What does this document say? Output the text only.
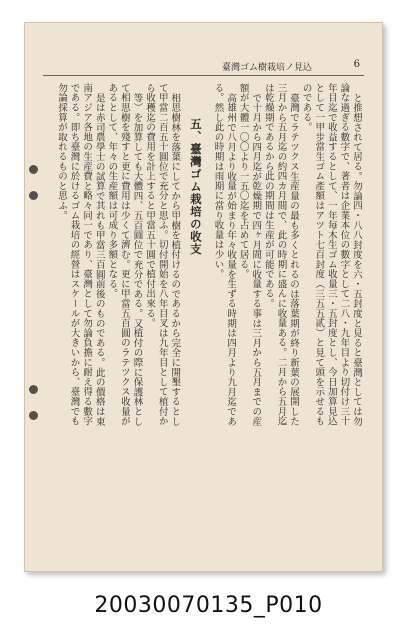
臺灣ゴム樹栽培ノ見込	6

と推想されて居る。勿論四・八八封度を六・五封度と見ると臺灣としては勿論な過ぎる數字で、著者は企業本位の數字として二八・九年目より切付け三十年目迄で收益するとして、一年毎木生ゴム收量三・五封度とし、今日加算見込として一甲步當生ゴム產額はアツト七百封度（三五五貳）と見て頭を示せるものである。

臺灣でラテツクス生産量の最も多くとれるのは落葉期が終り新葉の展開した三月から五月迄の約四カ月間で、此の時期に盛んに收量ある。二月から五月迄は乾燥期であるから此の期間は生産が可能である。

で十月から四月迄が乾燥期で四ヶ月間に收量する事は三月から五月までの産額が大體一〇〇より一五〇迄を占めて居る。

高雄州で八月より收量が始まり年々收量を生ずる時期は四月より九月迄である。然し此の時期は雨期に當り收量は少い。

五、臺灣ゴム栽培の收支

相思樹林を落葉にしてから甲樹を植付けるのであるから完全に開墾するとして甲當二百五十圓位で充分と思ふ。切付開始を八年目叉は九年目として植付から收穫迄の費用を計上すると甲當五十圓で植付出來る。

等）を加算しても大體四、五百圓位で充分である。又植付の際に保護林として相思樹を殘すと更に費用は少くて濟む。更に甲當五百圓のラテツクス收量があるとして、年々の生産額は可成り多額となる。

是は赤司農學士の試算で其れも甲當三百圓前後のものである。此の價格は東南アジア各地の生産費と略々同一であり、臺灣として勿論負擔に耐え得る數字である。即ち臺灣に於けるゴム栽培の經營はスケールが大きいから、臺灣でも勿論採算が取れるものと思ふ。

20030070135_P010
